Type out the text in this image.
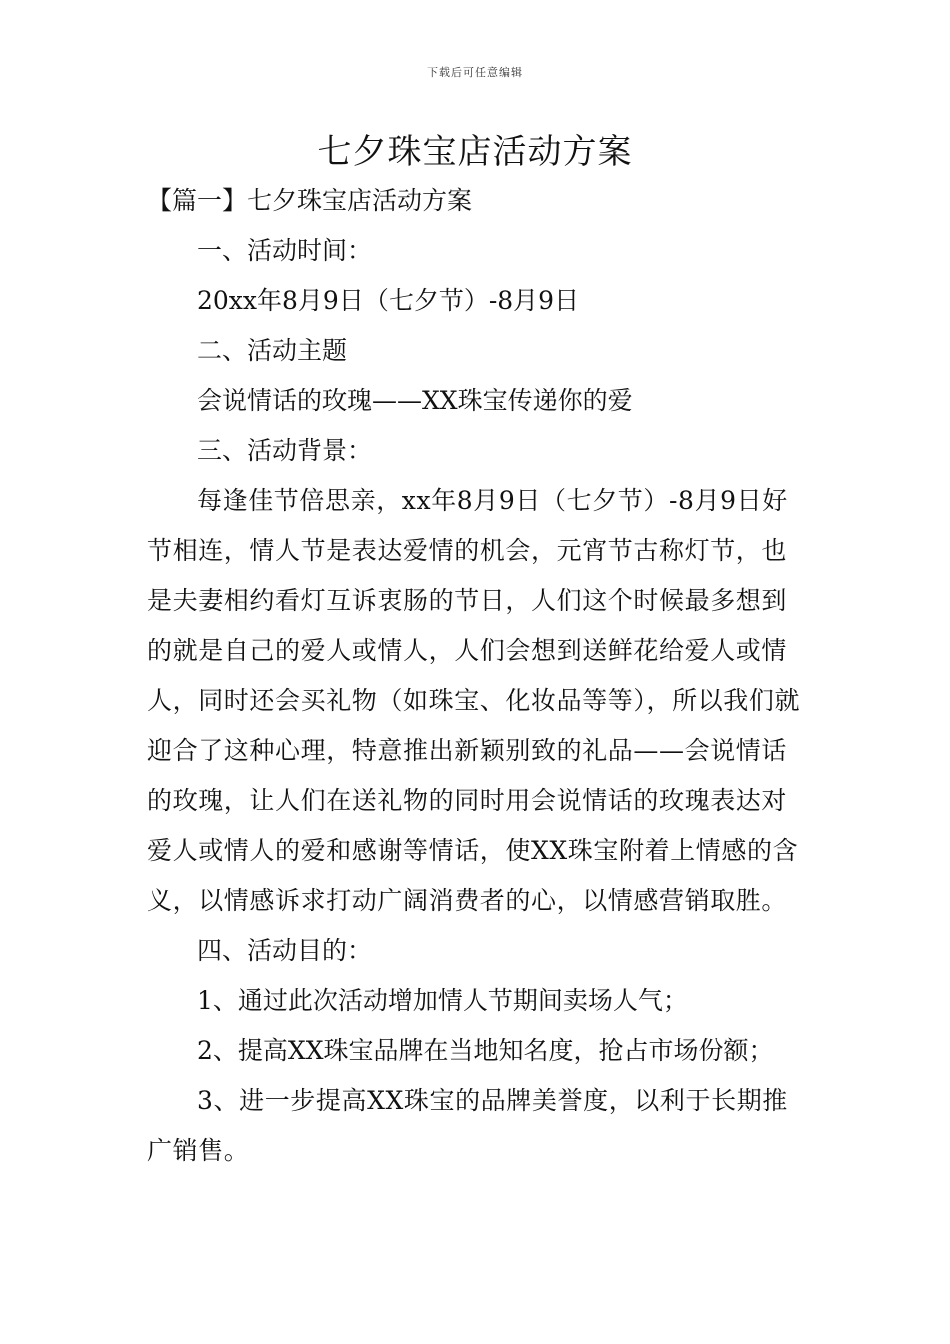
下载后可任意编辑
七夕珠宝店活动方案

【篇一】七夕珠宝店活动方案

一、活动时间：

20xx年8月9日（七夕节）-8月9日

二、活动主题

会说情话的玫瑰——XX珠宝传递你的爱

三、活动背景：

每逢佳节倍思亲，xx年8月9日（七夕节）-8月9日好节相连，情人节是表达爱情的机会，元宵节古称灯节，也是夫妻相约看灯互诉衷肠的节日，人们这个时候最多想到的就是自己的爱人或情人，人们会想到送鲜花给爱人或情人，同时还会买礼物（如珠宝、化妆品等等），所以我们就迎合了这种心理，特意推出新颖别致的礼品——会说情话的玫瑰，让人们在送礼物的同时用会说情话的玫瑰表达对爱人或情人的爱和感谢等情话，使XX珠宝附着上情感的含义，以情感诉求打动广阔消费者的心，以情感营销取胜。

四、活动目的：

1、通过此次活动增加情人节期间卖场人气；

2、提高XX珠宝品牌在当地知名度，抢占市场份额；

3、进一步提高XX珠宝的品牌美誉度，以利于长期推广销售。
